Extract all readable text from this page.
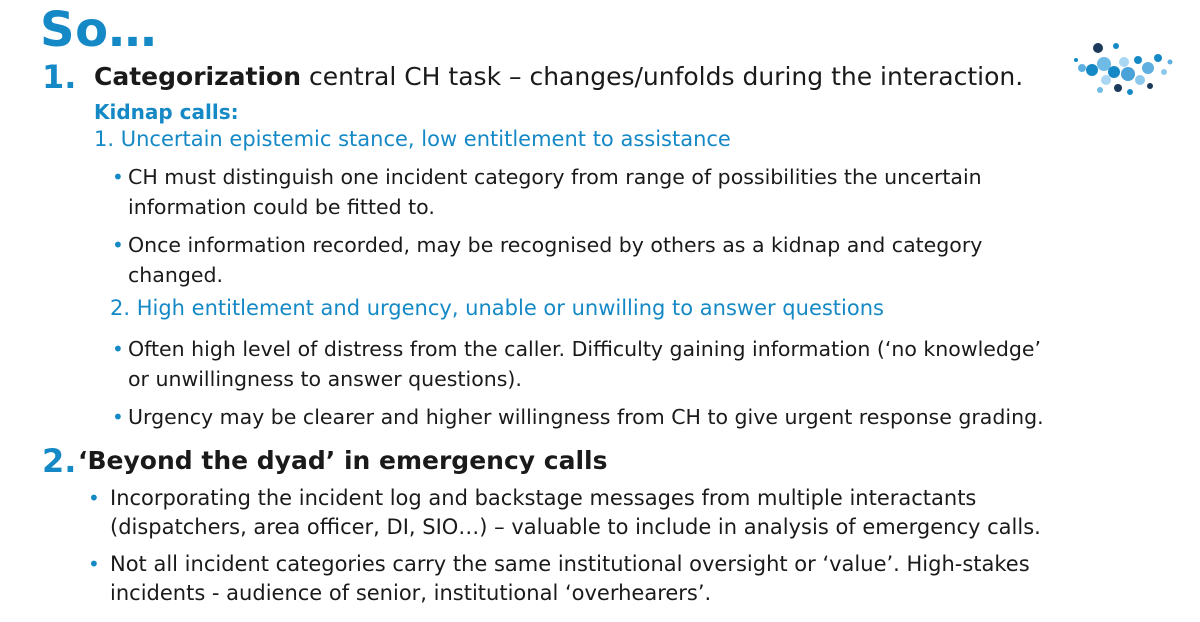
So…
1. Categorization central CH task – changes/unfolds during the interaction.
Kidnap calls:
1. Uncertain epistemic stance, low entitlement to assistance
• CH must distinguish one incident category from range of possibilities the uncertain
information could be fitted to.
• Once information recorded, may be recognised by others as a kidnap and category
changed.
2. High entitlement and urgency, unable or unwilling to answer questions
• Often high level of distress from the caller. Difficulty gaining information (‘no knowledge’
or unwillingness to answer questions).
• Urgency may be clearer and higher willingness from CH to give urgent response grading.
2. ‘Beyond the dyad’ in emergency calls
• Incorporating the incident log and backstage messages from multiple interactants
(dispatchers, area officer, DI, SIO…) – valuable to include in analysis of emergency calls.
• Not all incident categories carry the same institutional oversight or ‘value’. High-stakes
incidents - audience of senior, institutional ‘overhearers’.
